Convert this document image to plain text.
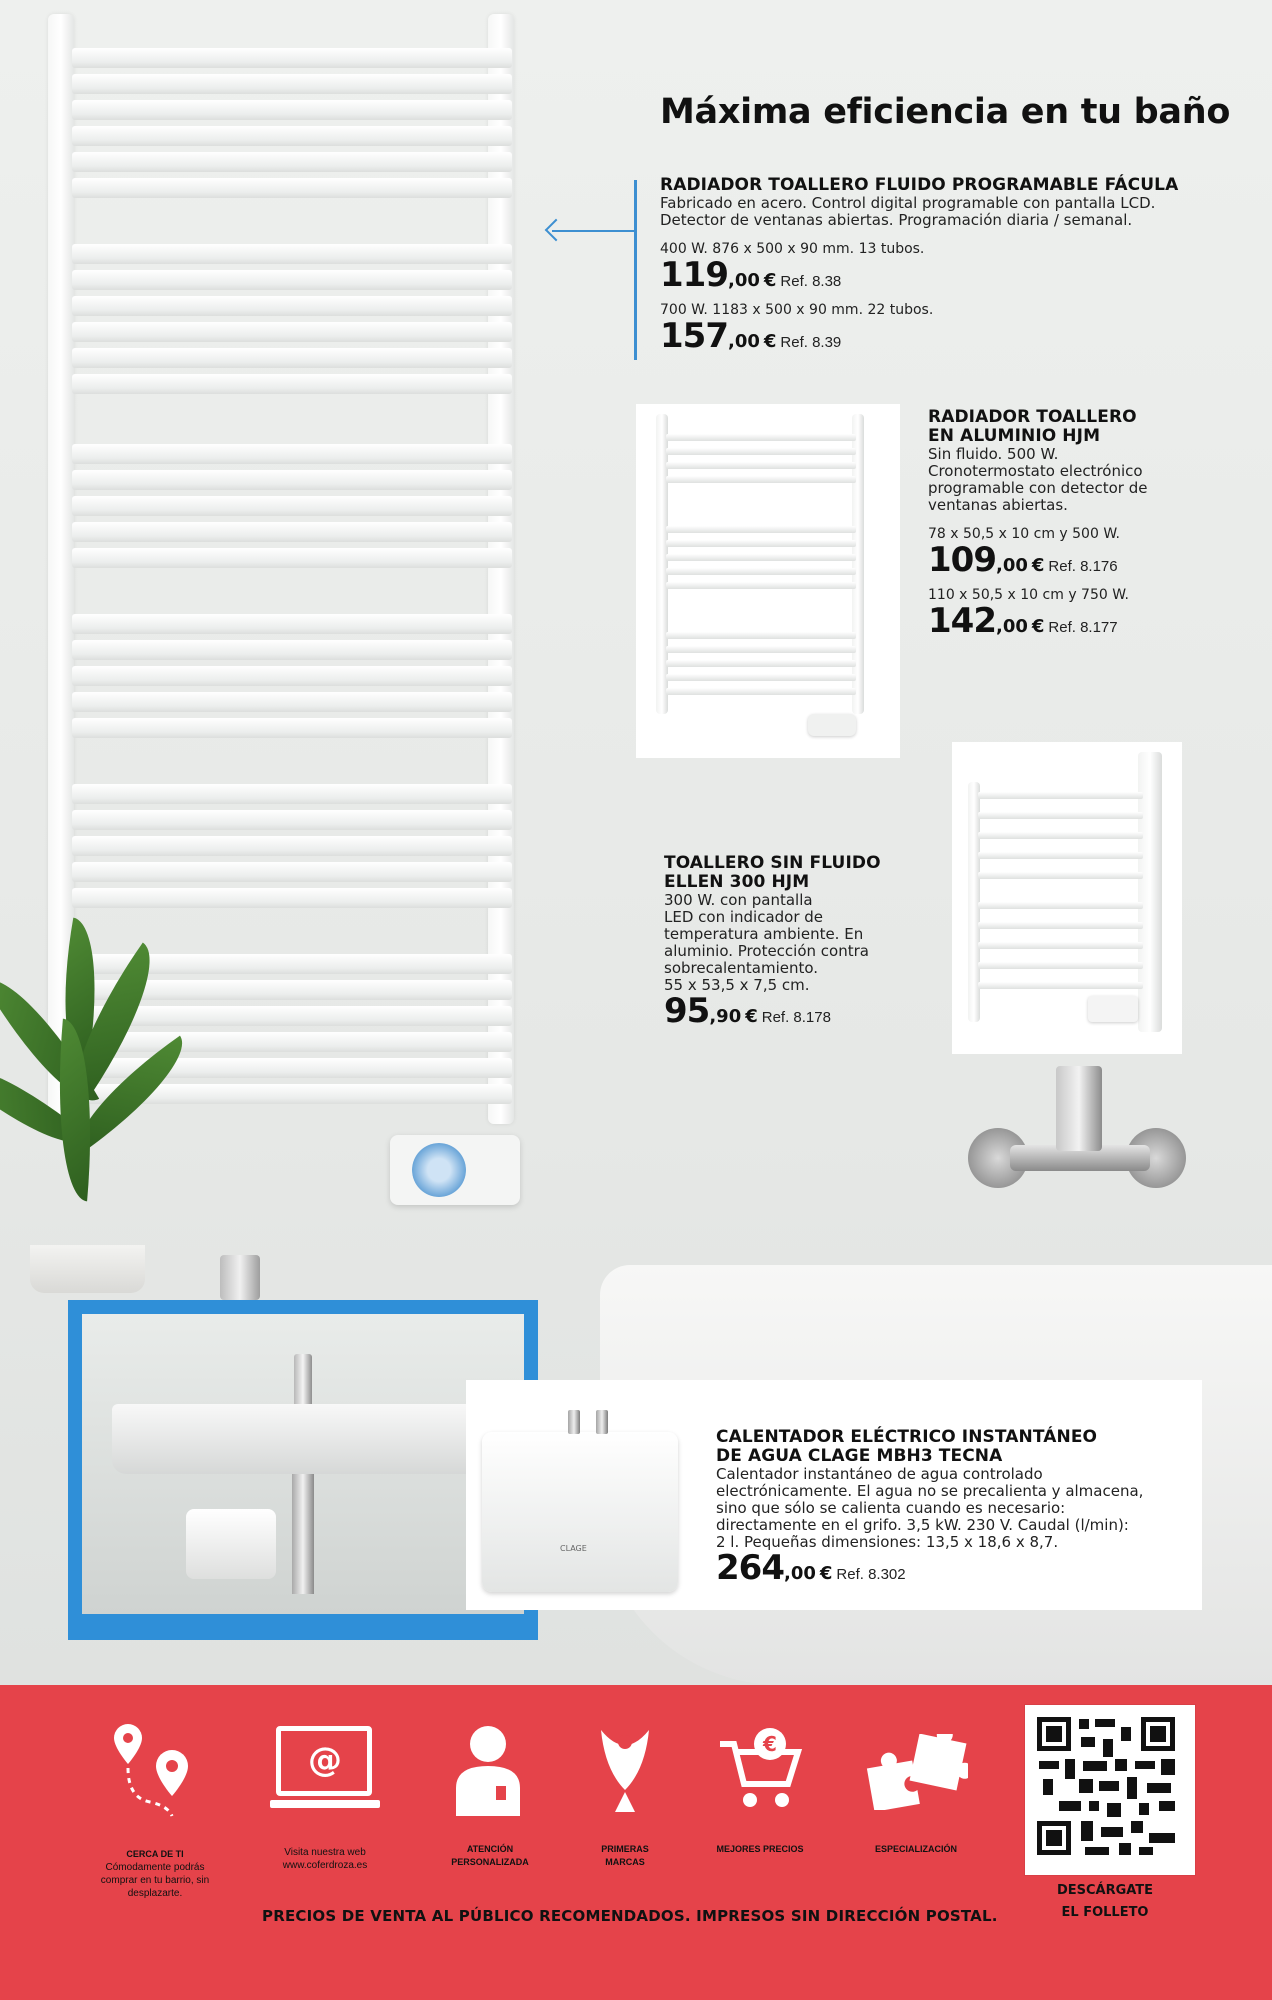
Máxima eficiencia en tu baño
RADIADOR TOALLERO FLUIDO PROGRAMABLE FÁCULA
Fabricado en acero. Control digital programable con pantalla LCD.
Detector de ventanas abiertas. Programación diaria / semanal.
400 W. 876 x 500 x 90 mm. 13 tubos.
119 ,00 € Ref. 8.38
700 W. 1183 x 500 x 90 mm. 22 tubos.
157 ,00 € Ref. 8.39
RADIADOR TOALLERO
EN ALUMINIO HJM
Sin fluido. 500 W.
Cronotermostato electrónico
programable con detector de
ventanas abiertas.
78 x 50,5 x 10 cm y 500 W.
109 ,00 € Ref. 8.176
110 x 50,5 x 10 cm y 750 W.
142 ,00 € Ref. 8.177
TOALLERO SIN FLUIDO
ELLEN 300 HJM
300 W. con pantalla
LED con indicador de
temperatura ambiente. En
aluminio. Protección contra
sobrecalentamiento.
55 x 53,5 x 7,5 cm.
95 ,90 € Ref. 8.178
CLAGE
CALENTADOR ELÉCTRICO INSTANTÁNEO
DE AGUA CLAGE MBH3 TECNA
Calentador instantáneo de agua controlado
electrónicamente. El agua no se precalienta y almacena,
sino que sólo se calienta cuando es necesario:
directamente en el grifo. 3,5 kW. 230 V. Caudal (l/min):
2 l. Pequeñas dimensiones: 13,5 x 18,6 x 8,7.
264 ,00 € Ref. 8.302
@	€
CERCA DE TI
Cómodamente podrás
comprar en tu barrio, sin
desplazarte.
Visita nuestra web
www.coferdroza.es
ATENCIÓN
PERSONALIZADA
PRIMERAS
MARCAS
MEJORES PRECIOS	ESPECIALIZACIÓN
DESCÁRGATE
EL FOLLETO
PRECIOS DE VENTA AL PÚBLICO RECOMENDADOS. IMPRESOS SIN DIRECCIÓN POSTAL.
